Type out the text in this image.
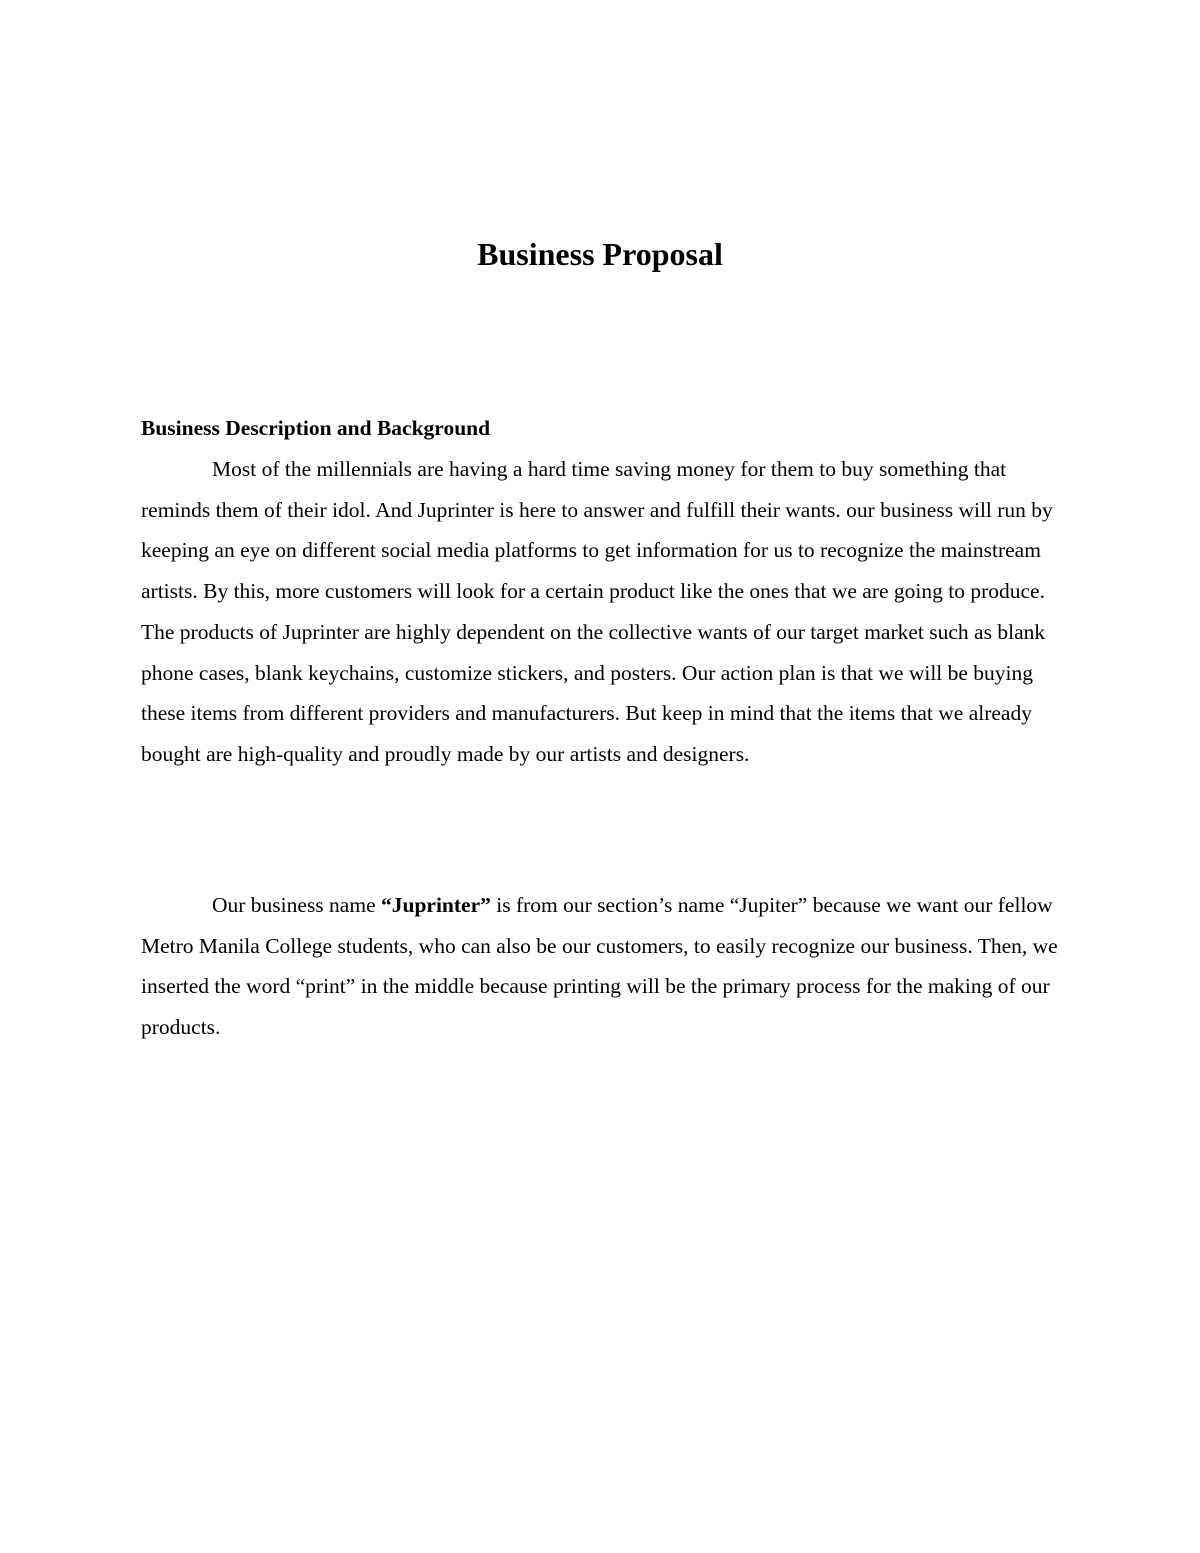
Business Proposal
Business Description and Background

Most of the millennials are having a hard time saving money for them to buy something that reminds them of their idol. And Juprinter is here to answer and fulfill their wants. our business will run by keeping an eye on different social media platforms to get information for us to recognize the mainstream artists. By this, more customers will look for a certain product like the ones that we are going to produce. The products of Juprinter are highly dependent on the collective wants of our target market such as blank phone cases, blank keychains, customize stickers, and posters. Our action plan is that we will be buying these items from different providers and manufacturers. But keep in mind that the items that we already bought are high-quality and proudly made by our artists and designers.

Our business name “Juprinter” is from our section’s name “Jupiter” because we want our fellow Metro Manila College students, who can also be our customers, to easily recognize our business. Then, we inserted the word “print” in the middle because printing will be the primary process for the making of our products.
